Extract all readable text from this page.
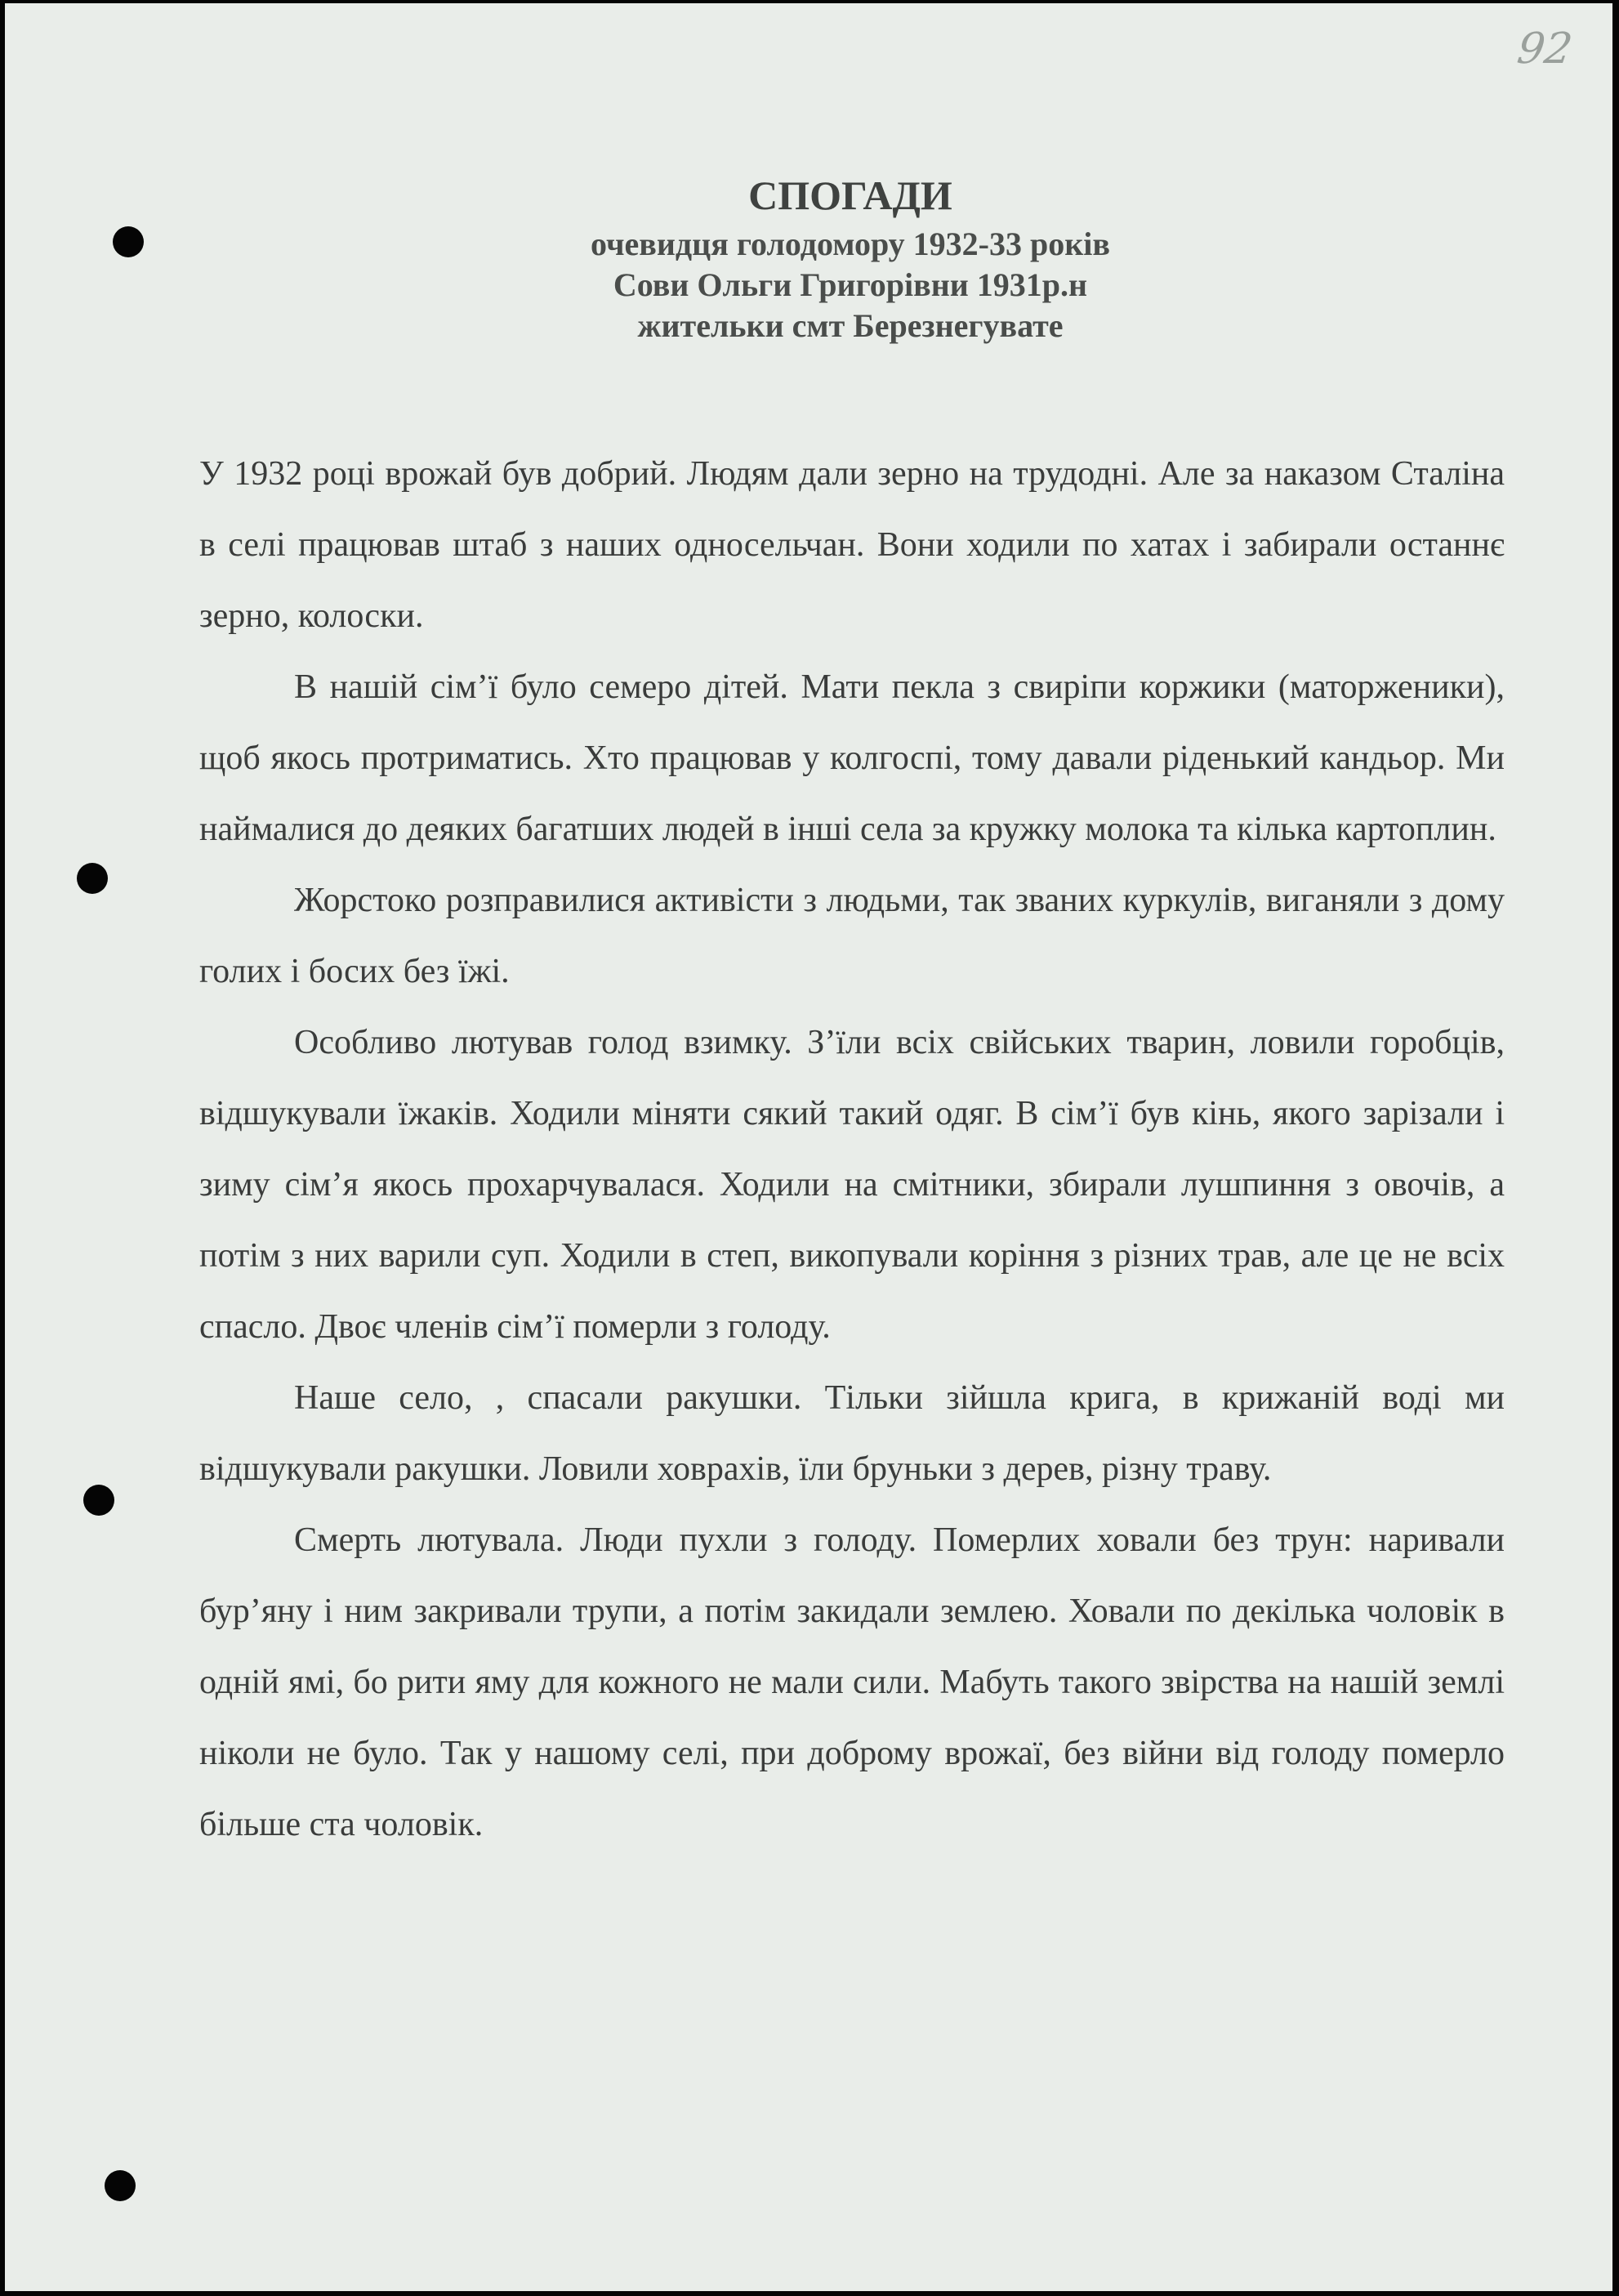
92
СПОГАДИ
очевидця голодомору 1932-33 років
Сови Ольги Григорівни 1931р.н
жительки смт Березнегувате

У 1932 році врожай був добрий. Людям дали зерно на трудодні. Але за наказом Сталіна в селі працював штаб з наших односельчан. Вони ходили по хатах і забирали останнє зерно, колоски.

В нашій сім’ї було семеро дітей. Мати пекла з свиріпи коржики (маторженики), щоб якось протриматись. Хто працював у колгоспі, тому давали ріденький кандьор. Ми наймалися до деяких багатших людей в інші села за кружку молока та кілька картоплин.

Жорстоко розправилися активісти з людьми, так званих куркулів, виганяли з дому голих і босих без їжі.

Особливо лютував голод взимку. З’їли всіх свійських тварин, ловили горобців, відшукували їжаків. Ходили міняти сякий такий одяг. В сім’ї був кінь, якого зарізали і зиму сім’я якось прохарчувалася. Ходили на смітники, збирали лушпиння з овочів, а потім з них варили суп. Ходили в степ, викопували коріння з різних трав, але це не всіх спасло. Двоє членів сім’ї померли з голоду.

Наше село, , спасали ракушки. Тільки зійшла крига, в крижаній воді ми відшукували ракушки. Ловили ховрахів, їли бруньки з дерев, різну траву.

Смерть лютувала. Люди пухли з голоду. Померлих ховали без трун: наривали бур’яну і ним закривали трупи, а потім закидали землею. Ховали по декілька чоловік в одній ямі, бо рити яму для кожного не мали сили. Мабуть такого звірства на нашій землі ніколи не було. Так у нашому селі, при доброму врожаї, без війни від голоду померло більше ста чоловік.
